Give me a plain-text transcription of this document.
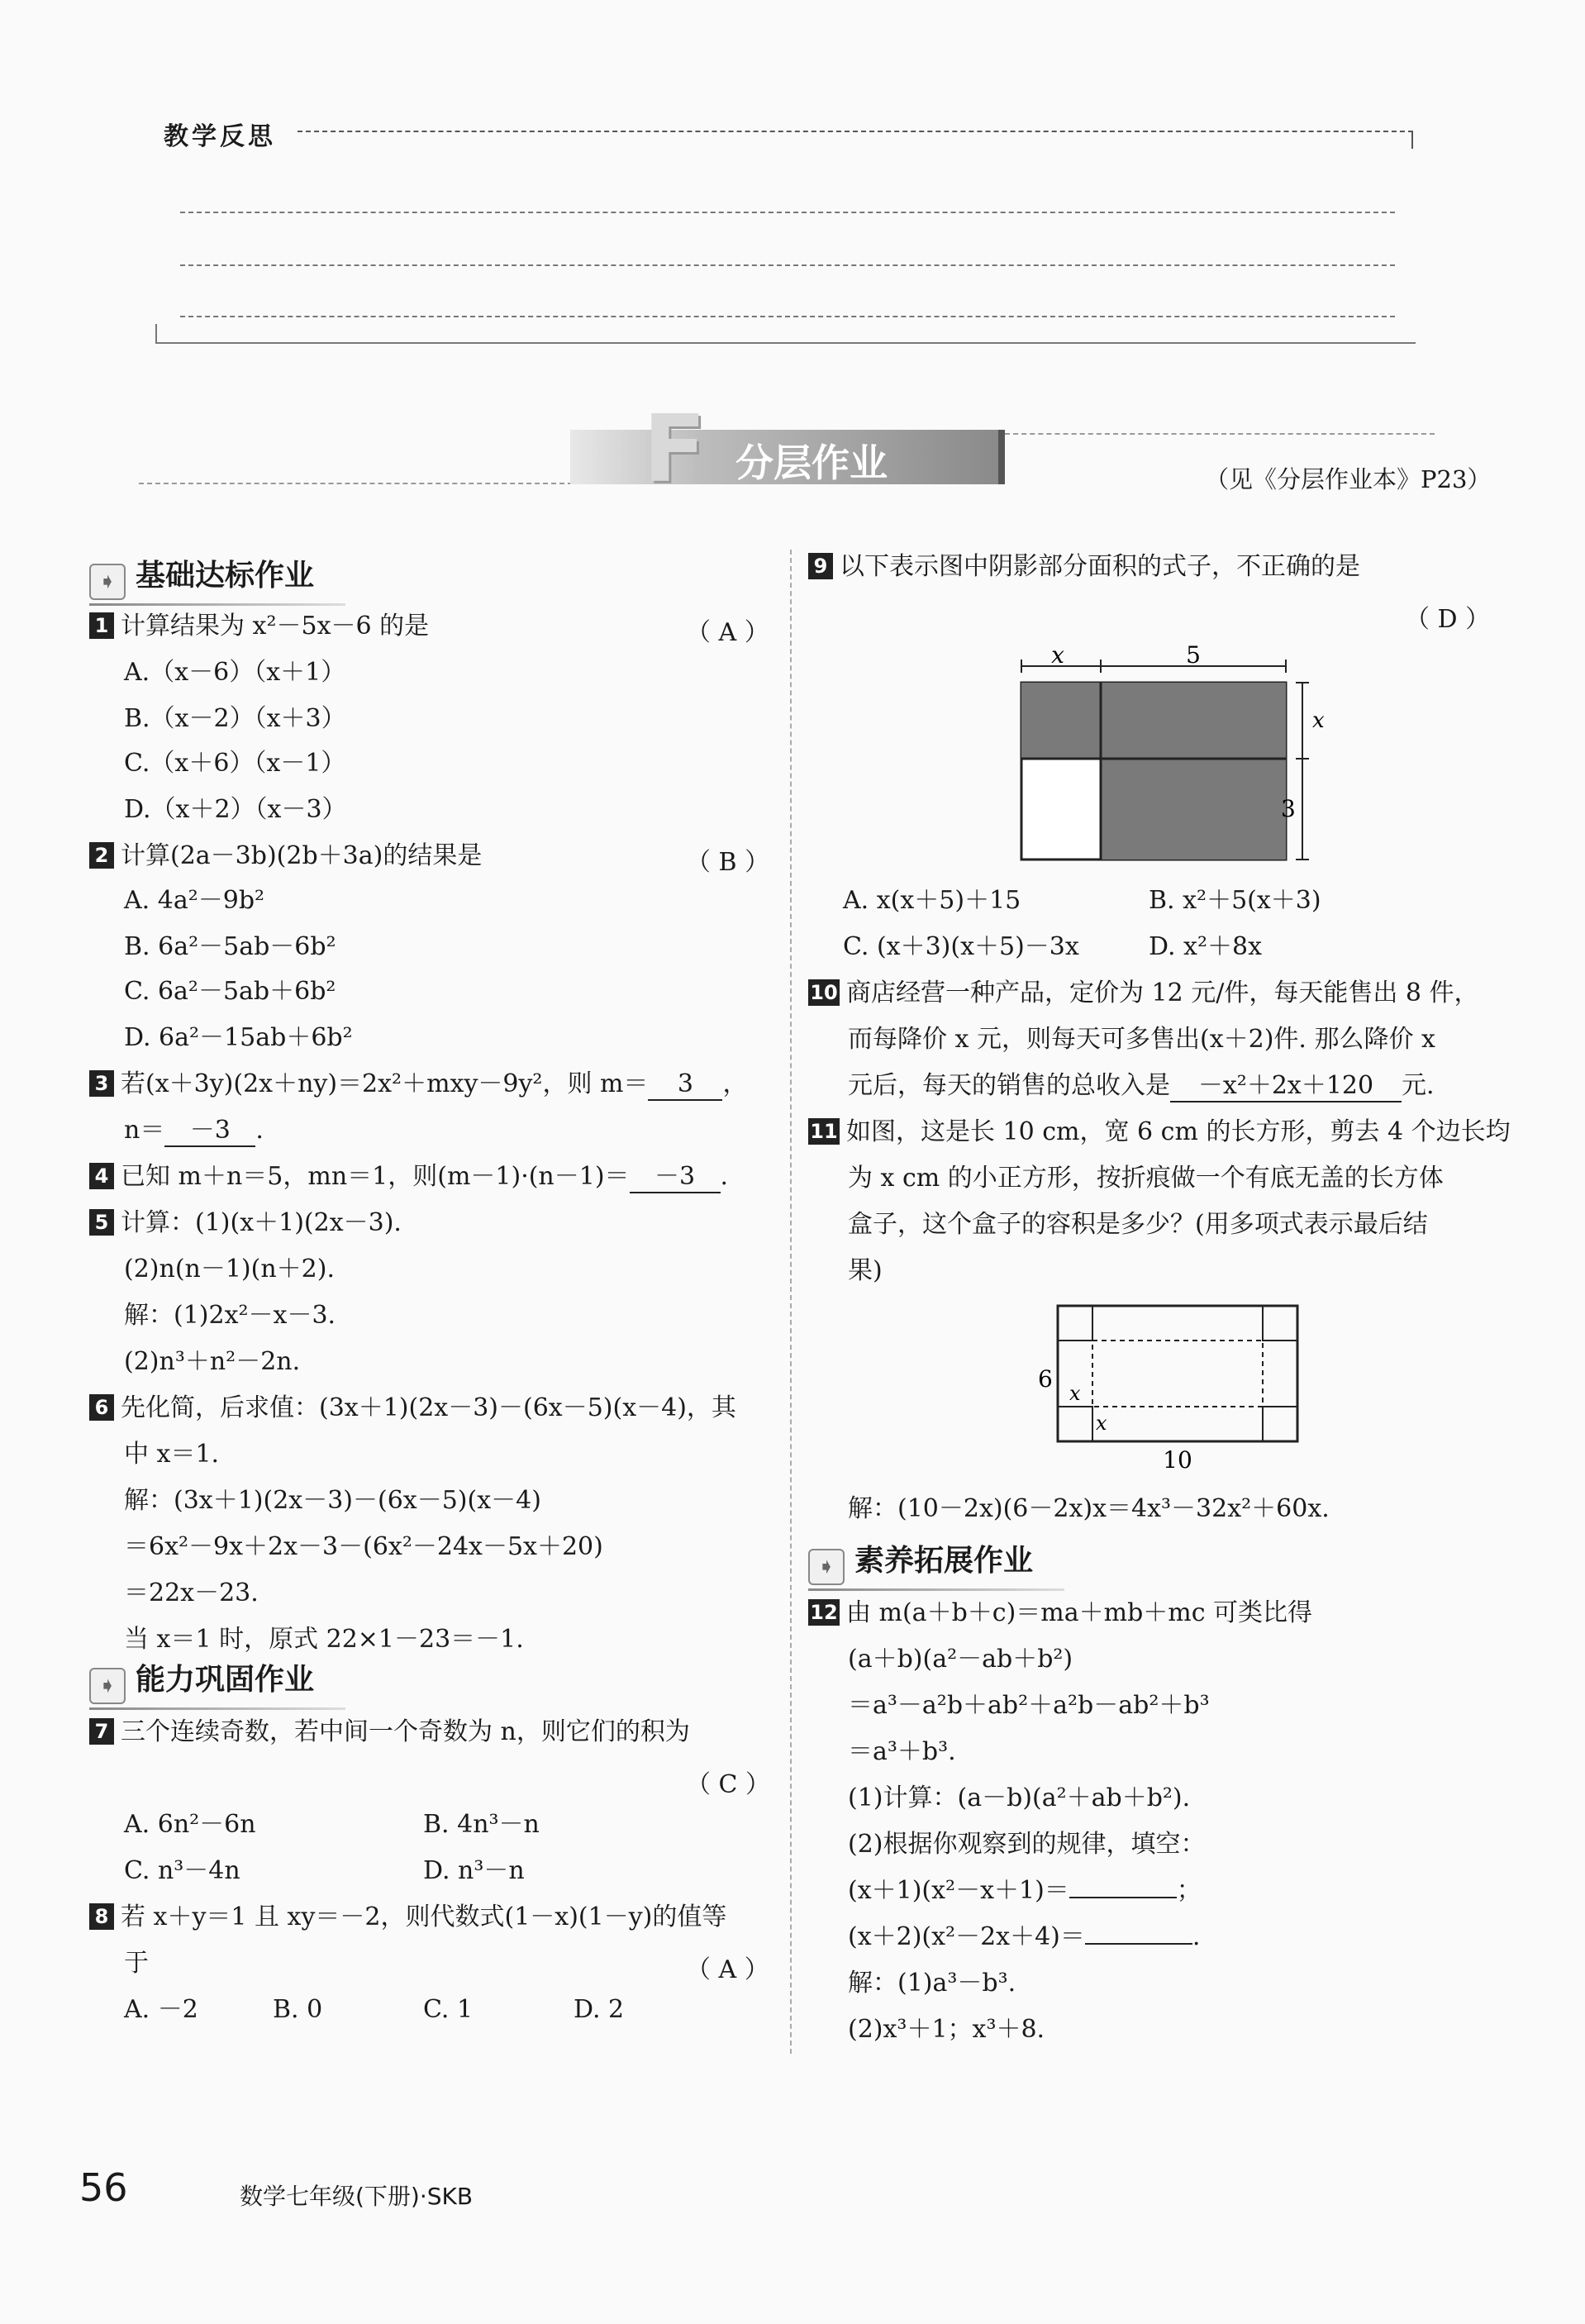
教学反思
F 分层作业	（见《分层作业本》P23）
➧ 基础达标作业
1 计算结果为 x²－5x－6 的是	（ A ）
A.（x－6）（x＋1）
B.（x－2）（x＋3）
C.（x＋6）（x－1）
D.（x＋2）（x－3）
2 计算(2a－3b)(2b＋3a)的结果是	（ B ）
A. 4a²－9b²
B. 6a²－5ab－6b²
C. 6a²－5ab＋6b²
D. 6a²－15ab＋6b²
3 若(x＋3y)(2x＋ny)＝2x²＋mxy－9y²，则 m＝ 3 ，
n＝ －3 .
4 已知 m＋n＝5，mn＝1，则(m－1)·(n－1)＝ －3 .
5 计算：(1)(x＋1)(2x－3).
(2)n(n－1)(n＋2).
解：(1)2x²－x－3.
(2)n³＋n²－2n.
6 先化简，后求值：(3x＋1)(2x－3)－(6x－5)(x－4)，其
中 x＝1.
解：(3x＋1)(2x－3)－(6x－5)(x－4)
＝6x²－9x＋2x－3－(6x²－24x－5x＋20)
＝22x－23.
当 x＝1 时，原式 22×1－23＝－1.
➧ 能力巩固作业
7 三个连续奇数，若中间一个奇数为 n，则它们的积为
（ C ）
A. 6n²－6n	B. 4n³－n
C. n³－4n	D. n³－n
8 若 x＋y＝1 且 xy＝－2，则代数式(1－x)(1－y)的值等
于	（ A ）
A. －2	B. 0	C. 1	D. 2
9 以下表示图中阴影部分面积的式子，不正确的是
（ D ）
x	5
x
3
A. x(x＋5)＋15	B. x²＋5(x＋3)
C. (x＋3)(x＋5)－3x	D. x²＋8x
10 商店经营一种产品，定价为 12 元/件，每天能售出 8 件，
而每降价 x 元，则每天可多售出(x＋2)件. 那么降价 x
元后，每天的销售的总收入是 －x²＋2x＋120 元.
11 如图，这是长 10 cm，宽 6 cm 的长方形，剪去 4 个边长均
为 x cm 的小正方形，按折痕做一个有底无盖的长方体
盒子，这个盒子的容积是多少？(用多项式表示最后结
果)
6
x
x
10
解：(10－2x)(6－2x)x＝4x³－32x²＋60x.
➧ 素养拓展作业
12 由 m(a＋b＋c)＝ma＋mb＋mc 可类比得
(a＋b)(a²－ab＋b²)
＝a³－a²b＋ab²＋a²b－ab²＋b³
＝a³＋b³.
(1)计算：(a－b)(a²＋ab＋b²).
(2)根据你观察到的规律，填空：
(x＋1)(x²－x＋1)＝	；
(x＋2)(x²－2x＋4)＝	.
解：(1)a³－b³.
(2)x³＋1；x³＋8.
56	数学七年级(下册)·SKB
